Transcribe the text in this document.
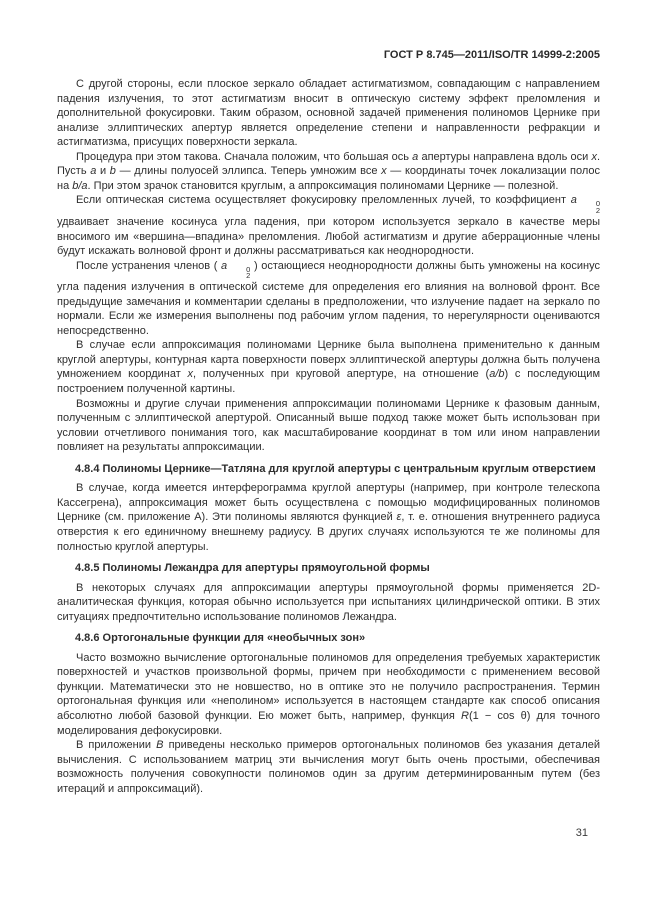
ГОСТ Р 8.745—2011/ISO/TR 14999-2:2005

С другой стороны, если плоское зеркало обладает астигматизмом, совпадающим с направлением падения излучения, то этот астигматизм вносит в оптическую систему эффект преломления и дополнительной фокусировки. Таким образом, основной задачей применения полиномов Цернике при анализе эллиптических апертур является определение степени и направленности рефракции и астигматизма, присущих поверхности зеркала.

Процедура при этом такова. Сначала положим, что большая ось a апертуры направлена вдоль оси x. Пусть a и b — длины полуосей эллипса. Теперь умножим все x — координаты точек локализации полос на b/a. При этом зрачок становится круглым, а аппроксимация полиномами Цернике — полезной.

Если оптическая система осуществляет фокусировку преломленных лучей, то коэффициент a	0
2
удваивает значение косинуса угла падения, при котором используется зеркало в качестве меры вносимого им «вершина—впадина» преломления. Любой астигматизм и другие аберрационные члены будут искажать волновой фронт и должны рассматриваться как неоднородности.

После устранения членов ( a	0
2
) остающиеся неоднородности должны быть умножены на косинус угла падения излучения в оптической системе для определения его влияния на волновой фронт. Все предыдущие замечания и комментарии сделаны в предположении, что излучение падает на зеркало по нормали. Если же измерения выполнены под рабочим углом падения, то нерегулярности оцениваются непосредственно.

В случае если аппроксимация полиномами Цернике была выполнена применительно к данным круглой апертуры, контурная карта поверхности поверх эллиптической апертуры должна быть получена умножением координат x, полученных при круговой апертуре, на отношение (a/b) с последующим построением полученной картины.

Возможны и другие случаи применения аппроксимации полиномами Цернике к фазовым данным, полученным с эллиптической апертурой. Описанный выше подход также может быть использован при условии отчетливого понимания того, как масштабирование координат в том или ином направлении повлияет на результаты аппроксимации.

4.8.4 Полиномы Цернике—Татляна для круглой апертуры с центральным круглым отверстием

В случае, когда имеется интерферограмма круглой апертуры (например, при контроле телескопа Кассегрена), аппроксимация может быть осуществлена с помощью модифицированных полиномов Цернике (см. приложение А). Эти полиномы являются функцией ε, т. е. отношения внутреннего радиуса отверстия к его единичному внешнему радиусу. В других случаях используются те же полиномы для полностью круглой апертуры.

4.8.5 Полиномы Лежандра для апертуры прямоугольной формы

В некоторых случаях для аппроксимации апертуры прямоугольной формы применяется 2D-аналитическая функция, которая обычно используется при испытаниях цилиндрической оптики. В этих ситуациях предпочтительно использование полиномов Лежандра.

4.8.6 Ортогональные функции для «необычных зон»

Часто возможно вычисление ортогональные полиномов для определения требуемых характеристик поверхностей и участков произвольной формы, причем при необходимости с применением весовой функции. Математически это не новшество, но в оптике это не получило распространения. Термин ортогональная функция или «неполином» используется в настоящем стандарте как способ описания абсолютно любой базовой функции. Ею может быть, например, функция R(1 − cos θ) для точного моделирования дефокусировки.

В приложении B приведены несколько примеров ортогональных полиномов без указания деталей вычисления. С использованием матриц эти вычисления могут быть очень простыми, обеспечивая возможность получения совокупности полиномов один за другим детерминированным путем (без итераций и аппроксимаций).

31
